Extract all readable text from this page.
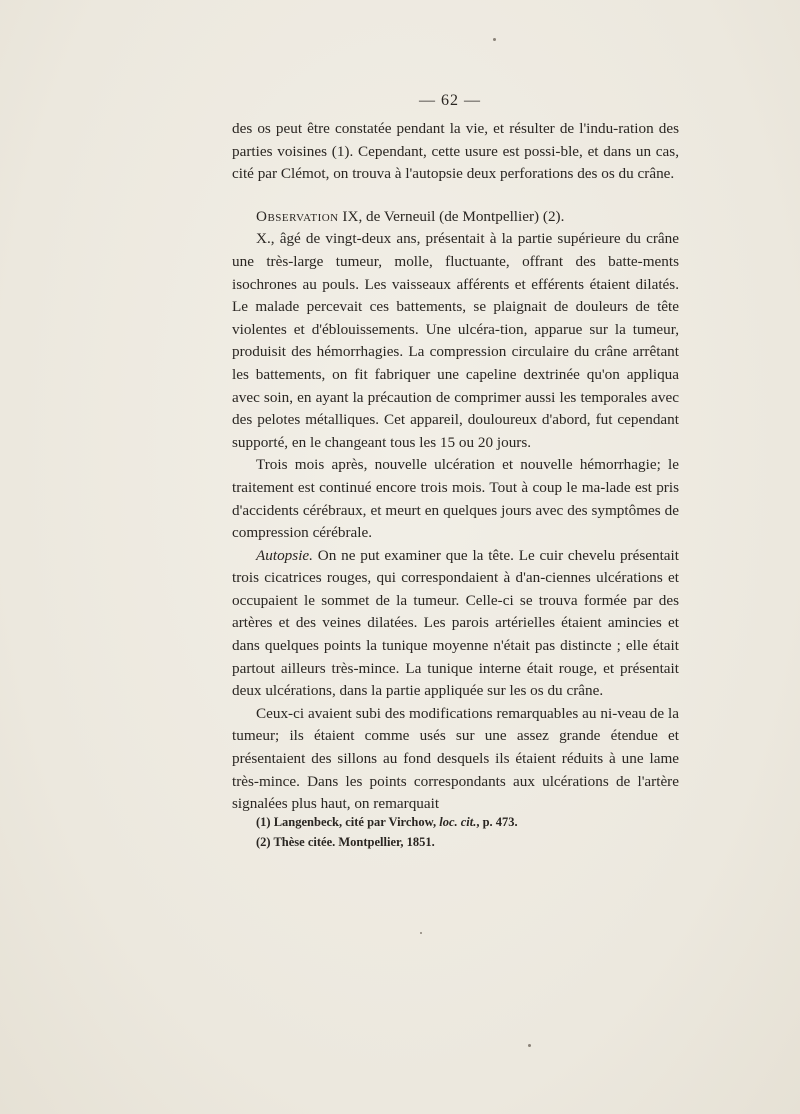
— 62 —

des os peut être constatée pendant la vie, et résulter de l'indu-ration des parties voisines (1). Cependant, cette usure est possi-ble, et dans un cas, cité par Clémot, on trouva à l'autopsie deux perforations des os du crâne.

Observation IX, de Verneuil (de Montpellier) (2).

X., âgé de vingt-deux ans, présentait à la partie supérieure du crâne une très-large tumeur, molle, fluctuante, offrant des batte-ments isochrones au pouls. Les vaisseaux afférents et efférents étaient dilatés. Le malade percevait ces battements, se plaignait de douleurs de tête violentes et d'éblouissements. Une ulcéra-tion, apparue sur la tumeur, produisit des hémorrhagies. La compression circulaire du crâne arrêtant les battements, on fit fabriquer une capeline dextrinée qu'on appliqua avec soin, en ayant la précaution de comprimer aussi les temporales avec des pelotes métalliques. Cet appareil, douloureux d'abord, fut cependant supporté, en le changeant tous les 15 ou 20 jours.

Trois mois après, nouvelle ulcération et nouvelle hémorrhagie; le traitement est continué encore trois mois. Tout à coup le ma-lade est pris d'accidents cérébraux, et meurt en quelques jours avec des symptômes de compression cérébrale.

Autopsie. On ne put examiner que la tête. Le cuir chevelu présentait trois cicatrices rouges, qui correspondaient à d'an-ciennes ulcérations et occupaient le sommet de la tumeur. Celle-ci se trouva formée par des artères et des veines dilatées. Les parois artérielles étaient amincies et dans quelques points la tunique moyenne n'était pas distincte ; elle était partout ailleurs très-mince. La tunique interne était rouge, et présentait deux ulcérations, dans la partie appliquée sur les os du crâne.

Ceux-ci avaient subi des modifications remarquables au ni-veau de la tumeur; ils étaient comme usés sur une assez grande étendue et présentaient des sillons au fond desquels ils étaient réduits à une lame très-mince. Dans les points correspondants aux ulcérations de l'artère signalées plus haut, on remarquait

(1) Langenbeck, cité par Virchow, loc. cit., p. 473.

(2) Thèse citée. Montpellier, 1851.
